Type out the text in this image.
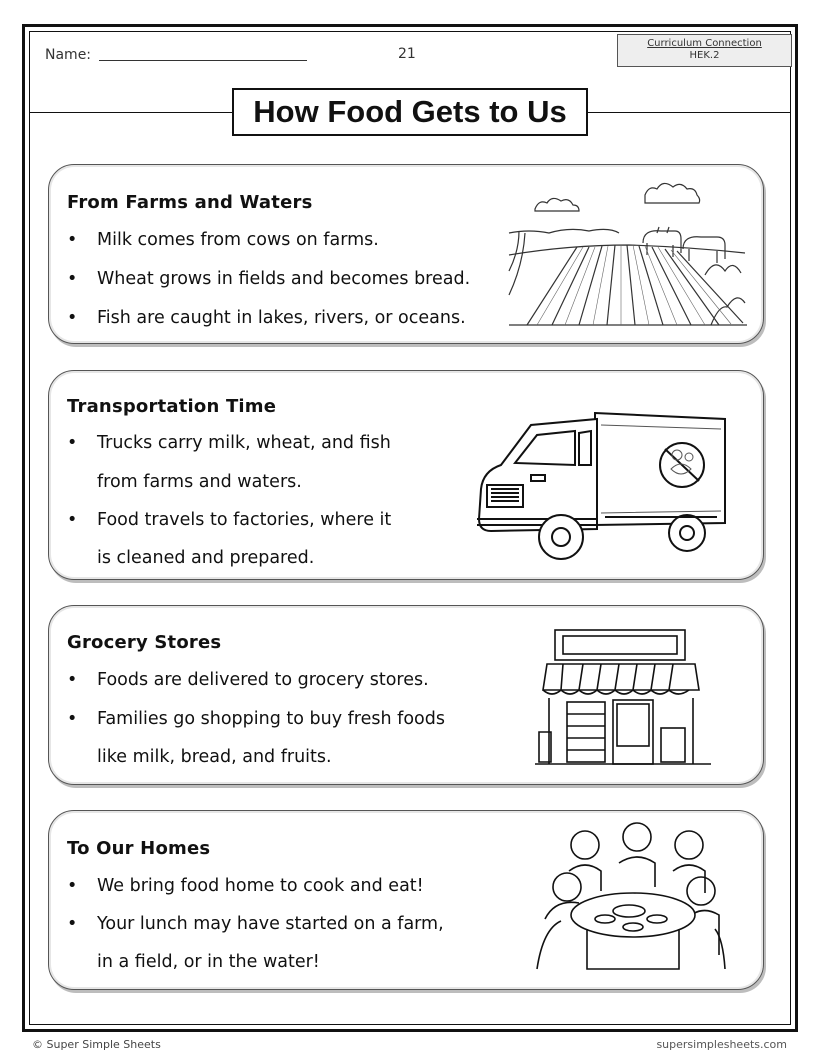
Name:	21
Curriculum Connection
HEK.2
How Food Gets to Us
From Farms and Waters
• Milk comes from cows on farms.
• Wheat grows in fields and becomes bread.
• Fish are caught in lakes, rivers, or oceans.
Transportation Time
• Trucks carry milk, wheat, and fish
from farms and waters.
• Food travels to factories, where it
is cleaned and prepared.
Grocery Stores
• Foods are delivered to grocery stores.
• Families go shopping to buy fresh foods
like milk, bread, and fruits.
To Our Homes
• We bring food home to cook and eat!
• Your lunch may have started on a farm,
in a field, or in the water!
© Super Simple Sheets	supersimplesheets.com
